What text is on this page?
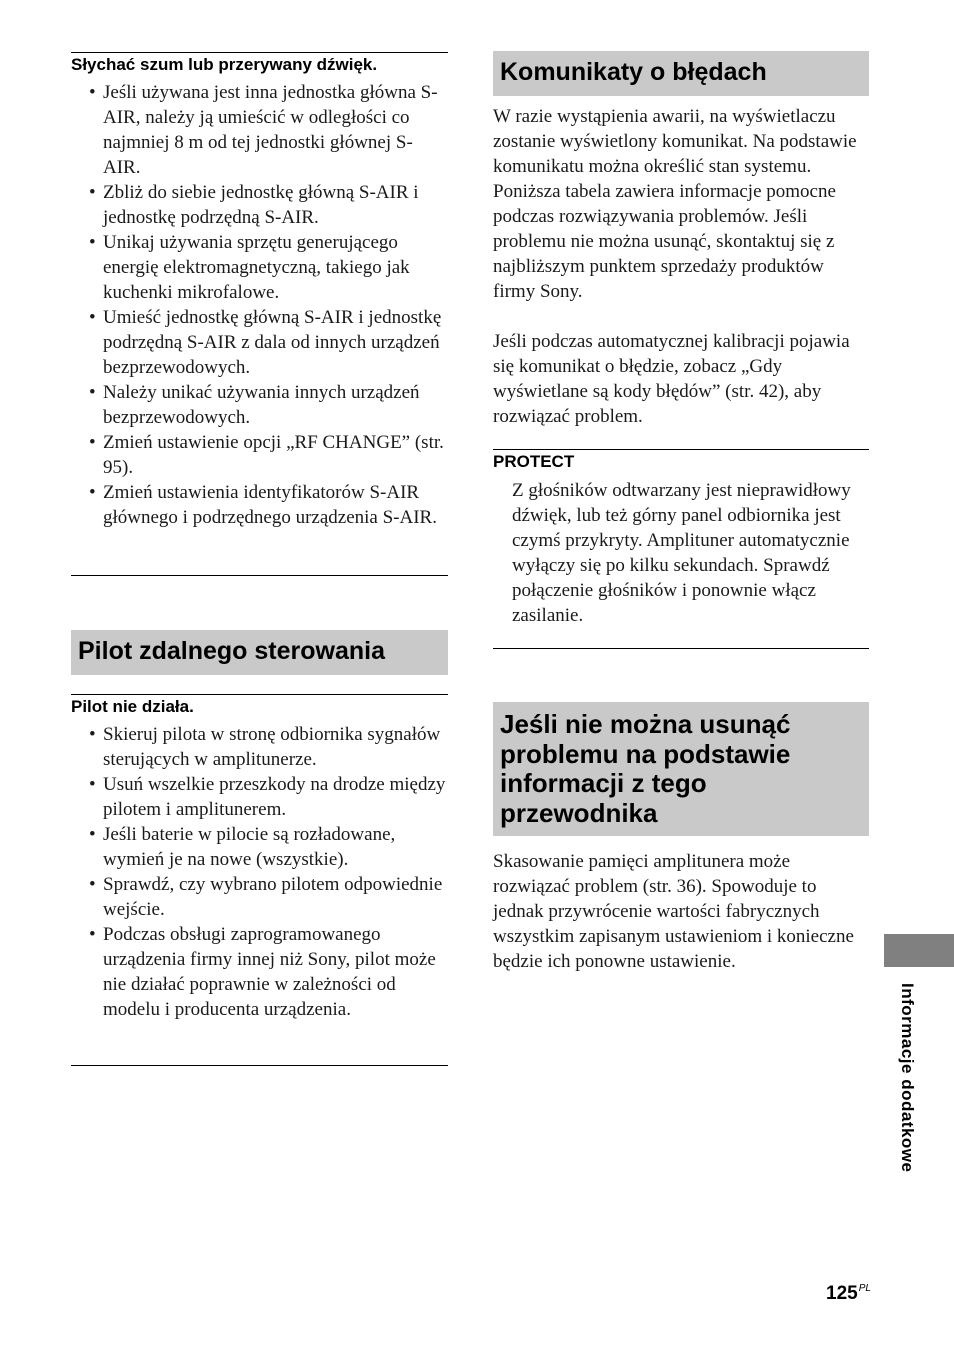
Słychać szum lub przerywany dźwięk.
• Jeśli używana jest inna jednostka główna S-AIR, należy ją umieścić w odległości co najmniej 8 m od tej jednostki głównej S-AIR.
• Zbliż do siebie jednostkę główną S-AIR i jednostkę podrzędną S-AIR.
• Unikaj używania sprzętu generującego energię elektromagnetyczną, takiego jak kuchenki mikrofalowe.
• Umieść jednostkę główną S-AIR i jednostkę podrzędną S-AIR z dala od innych urządzeń bezprzewodowych.
• Należy unikać używania innych urządzeń bezprzewodowych.
• Zmień ustawienie opcji „RF CHANGE” (str. 95).
• Zmień ustawienia identyfikatorów S-AIR głównego i podrzędnego urządzenia S-AIR.
Pilot zdalnego sterowania
Pilot nie działa.
• Skieruj pilota w stronę odbiornika sygnałów sterujących w amplitunerze.
• Usuń wszelkie przeszkody na drodze między pilotem i amplitunerem.
• Jeśli baterie w pilocie są rozładowane, wymień je na nowe (wszystkie).
• Sprawdź, czy wybrano pilotem odpowiednie wejście.
• Podczas obsługi zaprogramowanego urządzenia firmy innej niż Sony, pilot może nie działać poprawnie w zależności od modelu i producenta urządzenia.
Komunikaty o błędach

W razie wystąpienia awarii, na wyświetlaczu zostanie wyświetlony komunikat. Na podstawie komunikatu można określić stan systemu. Poniższa tabela zawiera informacje pomocne podczas rozwiązywania problemów. Jeśli problemu nie można usunąć, skontaktuj się z najbliższym punktem sprzedaży produktów firmy Sony.

Jeśli podczas automatycznej kalibracji pojawia się komunikat o błędzie, zobacz „Gdy wyświetlane są kody błędów” (str. 42), aby rozwiązać problem.

PROTECT

Z głośników odtwarzany jest nieprawidłowy dźwięk, lub też górny panel odbiornika jest czymś przykryty. Amplituner automatycznie wyłączy się po kilku sekundach. Sprawdź połączenie głośników i ponownie włącz zasilanie.

Jeśli nie można usunąć problemu na podstawie informacji z tego przewodnika

Skasowanie pamięci amplitunera może rozwiązać problem (str. 36). Spowoduje to jednak przywrócenie wartości fabrycznych wszystkim zapisanym ustawieniom i konieczne będzie ich ponowne ustawienie.

Informacje dodatkowe
$125^{PL}$
